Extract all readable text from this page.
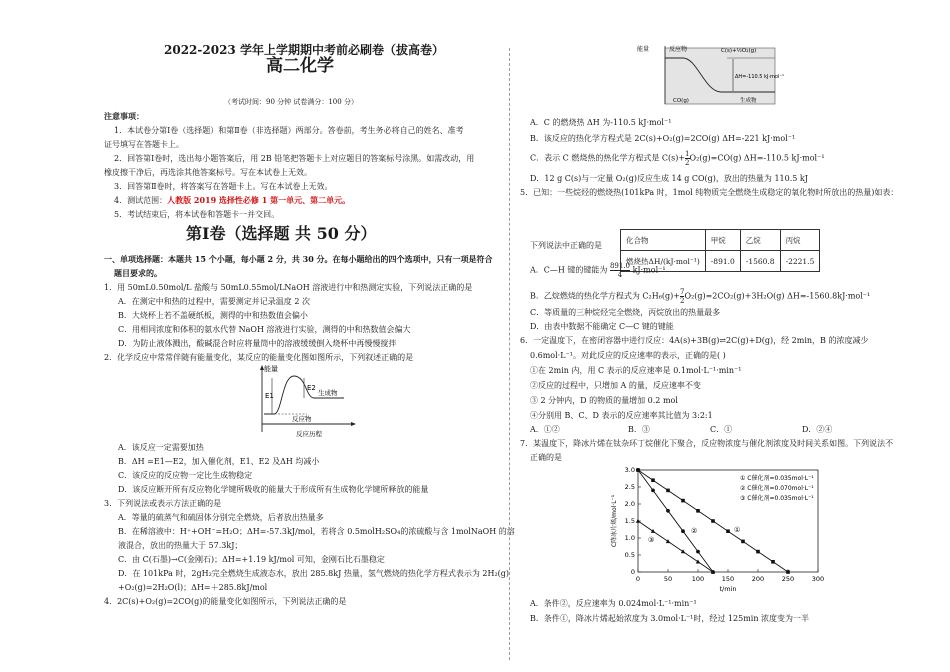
2022-2023 学年上学期期中考前必刷卷（拔高卷）
高二化学
（考试时间：90 分钟 试卷满分：100 分）
注意事项：
1．本试卷分第Ⅰ卷（选择题）和第Ⅱ卷（非选择题）两部分。答卷前，考生务必将自己的姓名、准考
证号填写在答题卡上。
2．回答第Ⅰ卷时，选出每小题答案后，用 2B 铅笔把答题卡上对应题目的答案标号涂黑。如需改动，用
橡皮擦干净后，再选涂其他答案标号。写在本试卷上无效。
3．回答第Ⅱ卷时，将答案写在答题卡上。写在本试卷上无效。
4．测试范围：人教版 2019 选择性必修 1 第一单元、第二单元。
5．考试结束后，将本试卷和答题卡一并交回。
第Ⅰ卷（选择题 共 50 分）
一、单项选择题：本题共 15 个小题，每小题 2 分，共 30 分。在每小题给出的四个选项中，只有一项是符合
题目要求的。
1．用 50mL0.50mol/L 盐酸与 50mL0.55mol/LNaOH 溶液进行中和热测定实验，下列说法正确的是
A．在测定中和热的过程中，需要测定并记录温度 2 次
B．大烧杯上若不盖硬纸板，测得的中和热数值会偏小
C．用相同浓度和体积的氨水代替 NaOH 溶液进行实验，测得的中和热数值会偏大
D．为防止液体溅出，酸碱混合时应将量筒中的溶液缓缓倒入烧杯中再慢慢搅拌
2．化学反应中常常伴随有能量变化，某反应的能量变化图如图所示，下列叙述正确的是
能量
E1
E2
生成物
反应物
反应历程
A．该反应一定需要加热
B．ΔH =E1—E2，加入催化剂，E1、E2 及ΔH 均减小
C．该反应的反应物一定比生成物稳定
D．该反应断开所有反应物化学键所吸收的能量大于形成所有生成物化学键所释放的能量
3．下列说法或表示方法正确的是
A．等量的硫蒸气和硫固体分别完全燃烧，后者放出热量多
B．在稀溶液中：H⁺+OH⁻=H₂O；ΔH=-57.3kJ/mol，若将含 0.5molH₂SO₄的浓硫酸与含 1molNaOH 的溶
液混合，放出的热量大于 57.3kJ；
C．由 C(石墨)→C(金刚石)；ΔH=+1.19 kJ/mol 可知，金刚石比石墨稳定
D．在 101kPa 时，2gH₂完全燃烧生成液态水，放出 285.8kJ 热量，氢气燃烧的热化学方程式表示为 2H₂(g)
+O₂(g)=2H₂O(l)；ΔH=＋285.8kJ/mol
4．2C(s)+O₂(g)=2CO(g)的能量变化如图所示，下列说法正确的是
能量	反应物	C(s)+½O₂(g)
ΔH=-110.5 kJ·mol⁻¹
CO(g)	生成物
A．C 的燃烧热 ΔH 为-110.5 kJ·mol⁻¹
B．该反应的热化学方程式是 2C(s)+O₂(g)=2CO(g) ΔH=-221 kJ·mol⁻¹
C．表示 C 燃烧热的热化学方程式是 $C(s)+ \frac{1}{2} O_2(g)=CO(g)$ ΔH=-110.5 kJ·mol⁻¹
D．12 g C(s)与一定量 O₂(g)反应生成 14 g CO(g)，放出的热量为 110.5 kJ
5．已知：一些烷烃的燃烧热(101kPa 时，1mol 纯物质完全燃烧生成稳定的氧化物时所放出的热量)如表：
化合物	甲烷	乙烷	丙烷
燃烧热ΔH/(kJ·mol⁻¹)	-891.0	-1560.8	-2221.5
下列说法中正确的是
A．C—H 键的键能为 $\frac{891.0}{4} kJ\cdot mol^{-1}$
B．乙烷燃烧的热化学方程式为 $C_2H_6(g)+ \frac{7}{2} O_2(g)=2CO_2(g)+3H_2O(g)$ ΔH=-1560.8kJ·mol⁻¹
C．等质量的三种烷烃完全燃烧，丙烷放出的热量最多
D．由表中数据不能确定 C—C 键的键能
6．一定温度下，在密闭容器中进行反应：4A(s)+3B(g)⇌2C(g)+D(g)，经 2min，B 的浓度减少
0.6mol·L⁻¹。对此反应的反应速率的表示，正确的是( )
①在 2min 内，用 C 表示的反应速率是 0.1mol·L⁻¹·min⁻¹
②反应的过程中，只增加 A 的量，反应速率不变
③ 2 分钟内，D 的物质的量增加 0.2 mol
④分别用 B、C、D 表示的反应速率其比值为 3:2:1
A．①②	B．③	C．①	D．②④
7．某温度下，降冰片烯在钛杂环丁烷催化下聚合，反应物浓度与催化剂浓度及时间关系如图。下列说法不
正确的是
0	50	100	150	200	250	300
0
0.5
1.0
1.5
2.0
2.5
3.0
t/min
C降冰片烯/mol·L⁻¹
① C催化剂=0.035mol·L⁻¹
② C催化剂=0.070mol·L⁻¹
③ C催化剂=0.035mol·L⁻¹
①
②
③
A．条件②，反应速率为 0.024mol·L⁻¹·min⁻¹
B．条件①，降冰片烯起始浓度为 3.0mol·L⁻¹时，经过 125min 浓度变为一半
